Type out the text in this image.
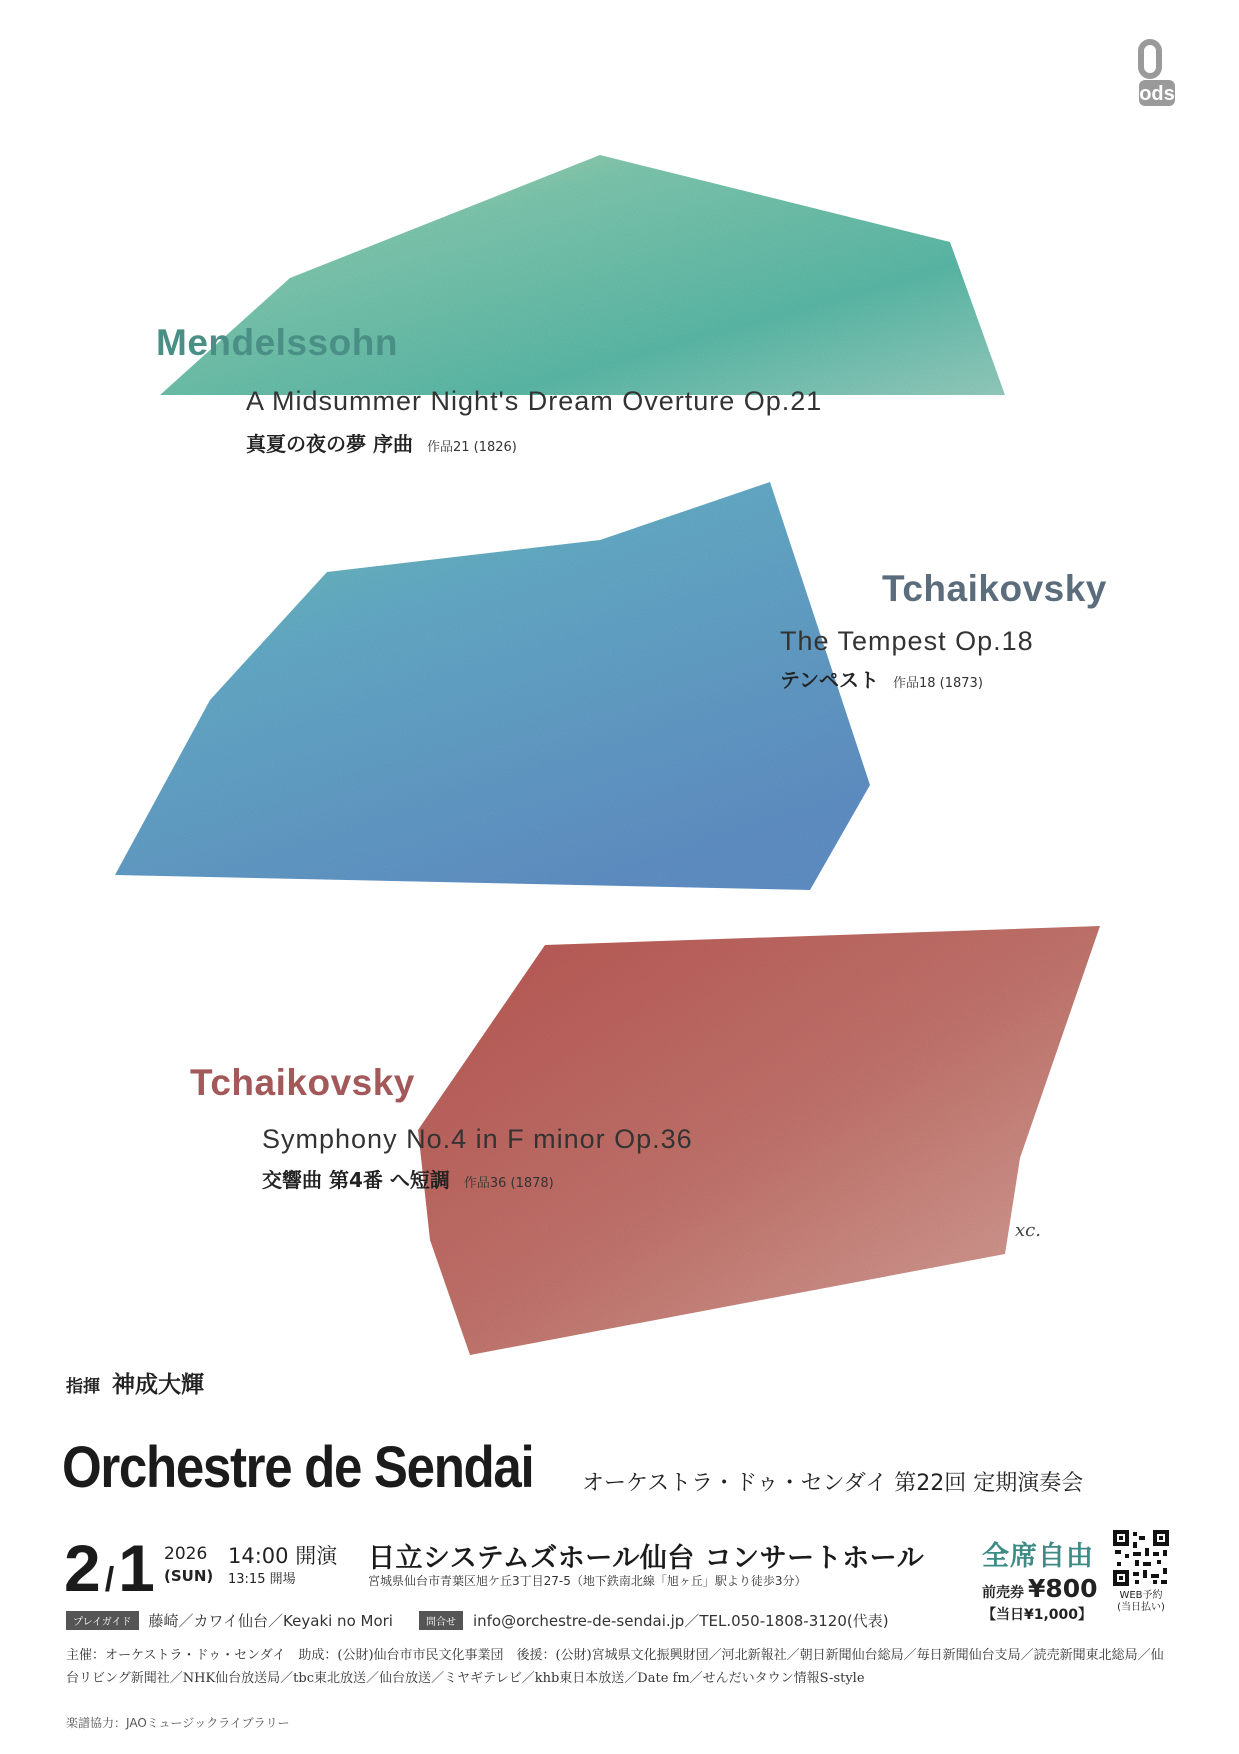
ods
Mendelssohn
A Midsummer Night's Dream Overture Op.21
真夏の夜の夢 序曲 作品21 (1826)
Tchaikovsky
The Tempest Op.18
テンペスト 作品18 (1873)
Tchaikovsky
Symphony No.4 in F minor Op.36
交響曲 第4番 へ短調 作品36 (1878)
ⅹc.
指揮 神成大輝
Orchestre de Sendai オーケストラ・ドゥ・センダイ 第22回 定期演奏会
2 /1 2026
(SUN)
14:00 開演
13:15 開場
日立システムズホール仙台 コンサートホール
宮城県仙台市青葉区旭ケ丘3丁目27-5（地下鉄南北線「旭ヶ丘」駅より徒歩3分）
全席自由
前売券 ¥800
【当日¥1,000】
WEB予約
(当日払い)
プレイガイド	藤崎／カワイ仙台／Keyaki no Mori	問合せ	info@orchestre-de-sendai.jp／TEL.050-1808-3120(代表)
主催：オーケストラ・ドゥ・センダイ　助成：(公財)仙台市市民文化事業団　後援：(公財)宮城県文化振興財団／河北新報社／朝日新聞仙台総局／毎日新聞仙台支局／読売新聞東北総局／仙台リビング新聞社／NHK仙台放送局／tbc東北放送／仙台放送／ミヤギテレビ／khb東日本放送／Date fm／せんだいタウン情報S-style
楽譜協力：JAOミュージックライブラリー
